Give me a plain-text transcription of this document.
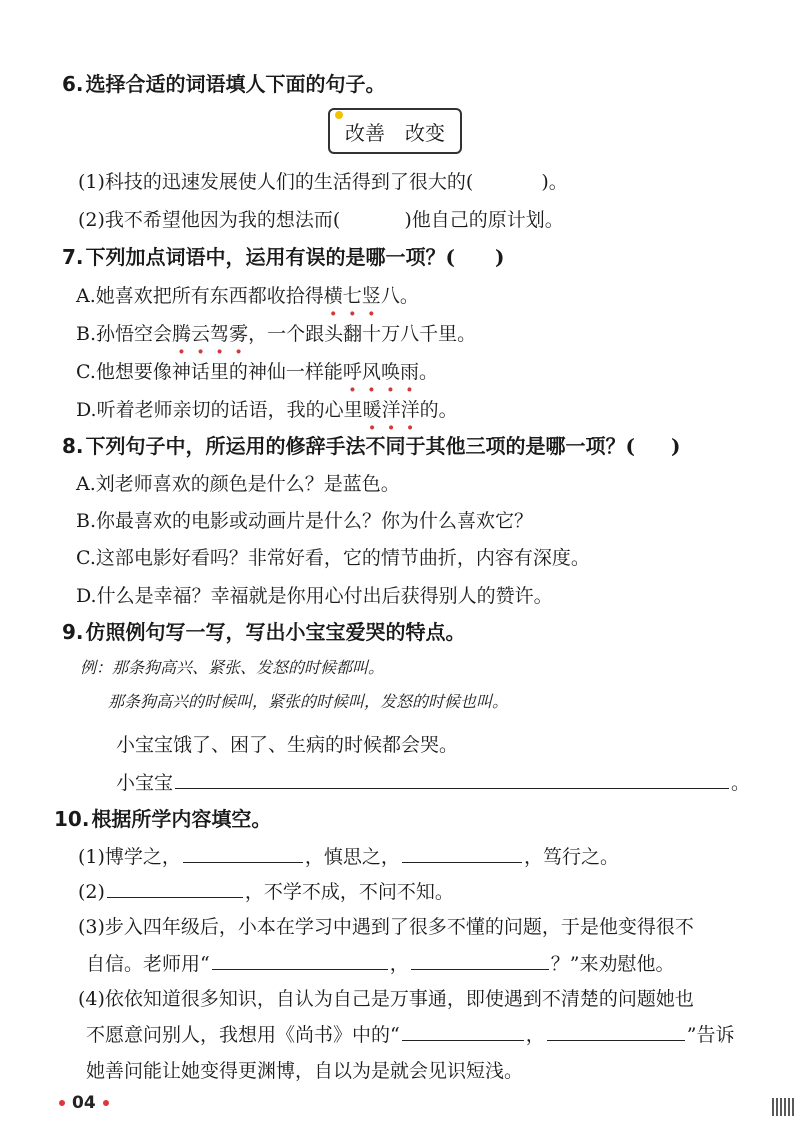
6. 选择合适的词语填人下面的句子。
改善 改变
(1)科技的迅速发展使人们的生活得到了很大的(	)。
(2)我不希望他因为我的想法而(	)他自己的原计划。
7. 下列加点词语中，运用有误的是哪一项？( )
A.她喜欢把所有东西都收拾得横七竖八。
B.孙悟空会腾云驾雾，一个跟头翻十万八千里。
C.他想要像神话里的神仙一样能呼风唤雨。
D.听着老师亲切的话语，我的心里暖洋洋的。
8. 下列句子中，所运用的修辞手法不同于其他三项的是哪一项？( )
A.刘老师喜欢的颜色是什么？是蓝色。
B.你最喜欢的电影或动画片是什么？你为什么喜欢它？
C.这部电影好看吗？非常好看，它的情节曲折，内容有深度。
D.什么是幸福？幸福就是你用心付出后获得别人的赞许。
9. 仿照例句写一写，写出小宝宝爱哭的特点。
例：那条狗高兴、紧张、发怒的时候都叫。
那条狗高兴的时候叫，紧张的时候叫，发怒的时候也叫。
小宝宝饿了、困了、生病的时候都会哭。
小宝宝	。
10. 根据所学内容填空。
(1)博学之，	，慎思之，	，笃行之。
(2)	，不学不成，不问不知。
(3)步入四年级后，小本在学习中遇到了很多不懂的问题，于是他变得很不
自信。老师用“	，	？”来劝慰他。
(4)依依知道很多知识，自认为自己是万事通，即使遇到不清楚的问题她也
不愿意问别人，我想用《尚书》中的“	，	”告诉
她善问能让她变得更渊博，自以为是就会见识短浅。
04
